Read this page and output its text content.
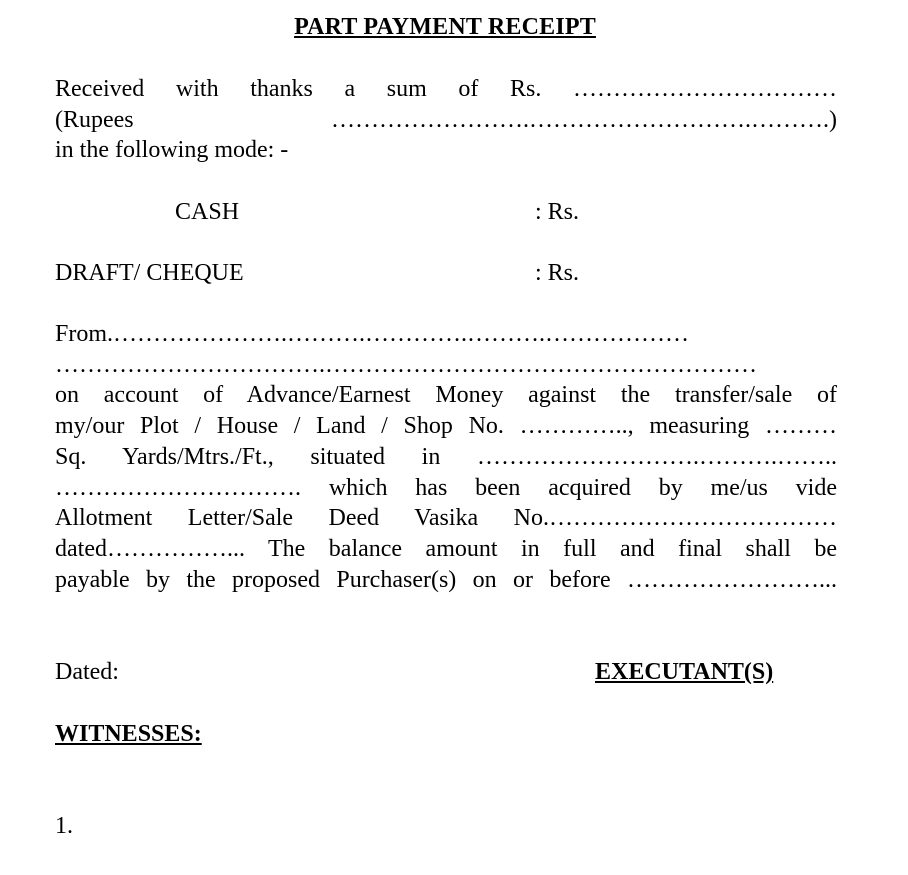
PART PAYMENT RECEIPT
Received with thanks a sum of Rs. ……………………………
(Rupees …………………….……………………….……….)
in the following mode: -
CASH	: Rs.
DRAFT/ CHEQUE	: Rs.
From.………………….……….………….……….………………
…………………………….………………………………………………
on account of Advance/Earnest Money against the transfer/sale of
my/our Plot / House / Land / Shop No. ………….., measuring ………
Sq. Yards/Mtrs./Ft., situated in ……………………….……….……..
…………………………. which has been acquired by me/us vide
Allotment Letter/Sale Deed Vasika No.………………………………
dated……………... The balance amount in full and final shall be
payable by the proposed Purchaser(s) on or before ……………………...
Dated:	EXECUTANT(S)
WITNESSES:
1.
